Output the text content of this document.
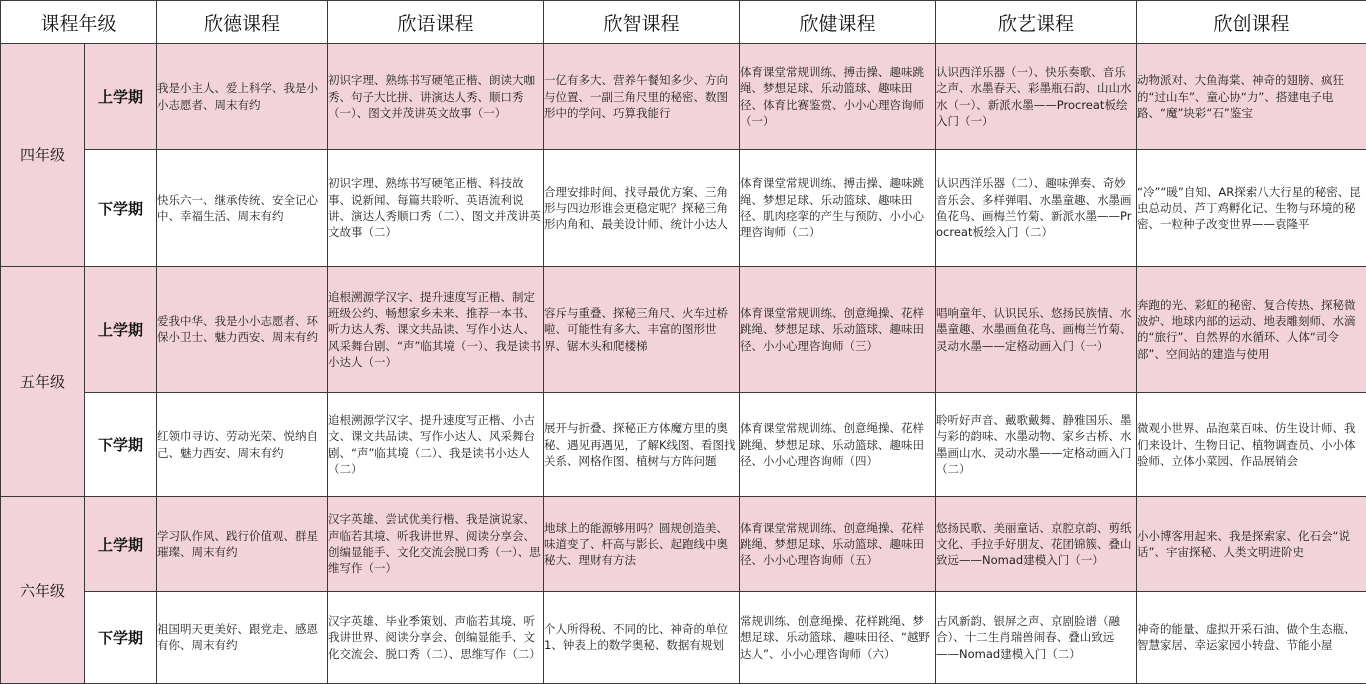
课程年级		欣德课程	欣语课程	欣智课程	欣健课程	欣艺课程	欣创课程
四年级	上学期	我是小主人、爱上科学、我是小小志愿者、周末有约	初识字理、熟练书写硬笔正楷、朗读大咖秀、句子大比拼、讲演达人秀、顺口秀（一）、图文并茂讲英文故事（一）	一亿有多大、营养午餐知多少、方向与位置、一副三角尺里的秘密、数图形中的学问、巧算我能行	体育课堂常规训练、搏击操、趣味跳绳、梦想足球、乐动篮球、趣味田径、体育比赛鉴赏、小小心理咨询师（一）	认识西洋乐器（一）、快乐奏歌、音乐之声、水墨春天、彩墨瓶石韵、山山水水（一）、新派水墨——Procreat板绘入门（一）	动物派对、大鱼海棠、神奇的翅膀、疯狂的“过山车”、童心协“力”、搭建电子电路、“魔”块彩“石”鉴宝
	下学期	快乐六一、继承传统、安全记心中、幸福生活、周末有约	初识字理、熟练书写硬笔正楷、科技故事、说新闻、每篇共聆听、英语流利说讲、演达人秀顺口秀（二）、图文并茂讲英文故事（二）	合理安排时间、找寻最优方案、三角形与四边形谁会更稳定呢？探秘三角形内角和、最美设计师、统计小达人	体育课堂常规训练、搏击操、趣味跳绳、梦想足球、乐动篮球、趣味田径、肌肉痉挛的产生与预防、小小心理咨询师（二）	认识西洋乐器（二）、趣味弹奏、奇妙音乐会、多样弹唱、水墨童趣、水墨画鱼花鸟、画梅兰竹菊、新派水墨——Procreat板绘入门（二）	“冷”“暖”自知、AR探索八大行星的秘密、昆虫总动员、芦丁鸡孵化记、生物与环境的秘密、一粒种子改变世界——袁隆平
五年级	上学期	爱我中华、我是小小志愿者、环保小卫士、魅力西安、周末有约	追根溯源学汉字、提升速度写正楷、制定班级公约、畅想家乡未来、推荐一本书、听力达人秀、课文共品读、写作小达人、风采舞台剧、“声”临其境（一）、我是读书小达人（一）	容斥与重叠、探秘三角尺、火车过桥啦、可能性有多大、丰富的图形世界、锯木头和爬楼梯	体育课堂常规训练、创意绳操、花样跳绳、梦想足球、乐动篮球、趣味田径、小小心理咨询师（三）	唱响童年、认识民乐、悠扬民族情、水墨童趣、水墨画鱼花鸟、画梅兰竹菊、灵动水墨——定格动画入门（一）	奔跑的光、彩虹的秘密、复合传热、探秘微波炉、地球内部的运动、地表雕刻师、水滴的“旅行”、自然界的水循环、人体“司令部”、空间站的建造与使用
	下学期	红领巾寻访、劳动光荣、悦纳自己、魅力西安、周末有约	追根溯源学汉字、提升速度写正楷、小古文、课文共品读、写作小达人、风采舞台剧、“声”临其境（二）、我是读书小达人（二）	展开与折叠、探秘正方体魔方里的奥秘、遇见再遇见，了解K线图、看图找关系、网格作图、植树与方阵问题	体育课堂常规训练、创意绳操、花样跳绳、梦想足球、乐动篮球、趣味田径、小小心理咨询师（四）	聆听好声音、戴歌戴舞、静雅国乐、墨与彩的韵味、水墨动物、家乡古桥、水墨画山水、灵动水墨——定格动画入门（二）	微观小世界、品泡菜百味、仿生设计师、我们来设计、生物日记、植物调查员、小小体验师、立体小菜园、作品展销会
六年级	上学期	学习队作风、践行价值观、群星璀璨、周末有约	汉字英雄、尝试优美行楷、我是演说家、声临若其境、听我讲世界、阅读分享会、创编显能手、文化交流会脱口秀（一）、思维写作（一）	地球上的能源够用吗？圆规创造美、味道变了、杆高与影长、起跑线中奥秘大、理财有方法	体育课堂常规训练、创意绳操、花样跳绳、梦想足球、乐动篮球、趣味田径、小小心理咨询师（五）	悠扬民歌、美丽童话、京腔京韵、剪纸文化、手拉手好朋友、花团锦簇、叠山致远——Nomad建模入门（一）	小小博客用起来、我是探索家、化石会“说话”、宇宙探秘、人类文明进阶史
	下学期	祖国明天更美好、跟党走、感恩有你、周末有约	汉字英雄、毕业季策划、声临若其境、听我讲世界、阅读分享会、创编显能手、文化交流会、脱口秀（二）、思维写作（二）	个人所得税、不同的比、神奇的单位1、钟表上的数学奥秘、数据有规划	常规训练、创意绳操、花样跳绳、梦想足球、乐动篮球、趣味田径、“越野达人”、小小心理咨询师（六）	古风新韵、银屏之声、京剧脸谱（融合）、十二生肖瑞兽闹春、叠山致远——Nomad建模入门（二）	神奇的能量、虚拟开采石油、做个生态瓶、智慧家居、幸运家园小转盘、节能小屋
